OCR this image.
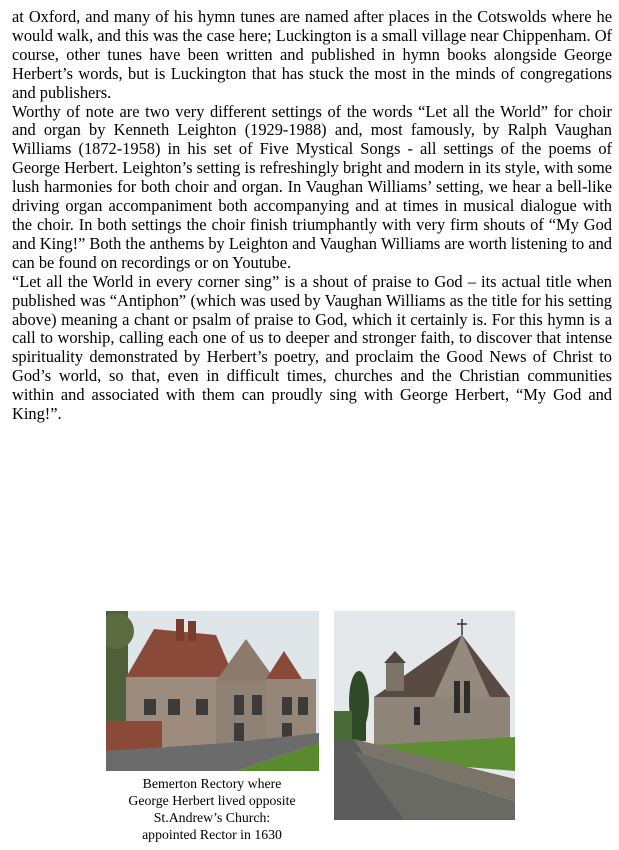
at Oxford, and many of his hymn tunes are named after places in the Cotswolds where he would walk, and this was the case here; Luckington is a small village near Chippenham. Of course, other tunes have been written and published in hymn books alongside George Herbert’s words, but is Luckington that has stuck the most in the minds of congregations and publishers.

Worthy of note are two very different settings of the words “Let all the World” for choir and organ by Kenneth Leighton (1929-1988) and, most famously, by Ralph Vaughan Williams (1872-1958) in his set of Five Mystical Songs - all settings of the poems of George Herbert. Leighton’s setting is refreshingly bright and modern in its style, with some lush harmonies for both choir and organ. In Vaughan Williams’ setting, we hear a bell-like driving organ accompaniment both accompanying and at times in musical dialogue with the choir. In both settings the choir finish triumphantly with very firm shouts of “My God and King!” Both the anthems by Leighton and Vaughan Williams are worth listening to and can be found on recordings or on Youtube.

“Let all the World in every corner sing” is a shout of praise to God – its actual title when published was “Antiphon” (which was used by Vaughan Williams as the title for his setting above) meaning a chant or psalm of praise to God, which it certainly is. For this hymn is a call to worship, calling each one of us to deeper and stronger faith, to discover that intense spirituality demonstrated by Herbert’s poetry, and proclaim the Good News of Christ to God’s world, so that, even in difficult times, churches and the Christian communities within and associated with them can proudly sing with George Herbert, “My God and King!”.

Bemerton Rectory where
George Herbert lived opposite
St.Andrew’s Church:
appointed Rector in 1630
